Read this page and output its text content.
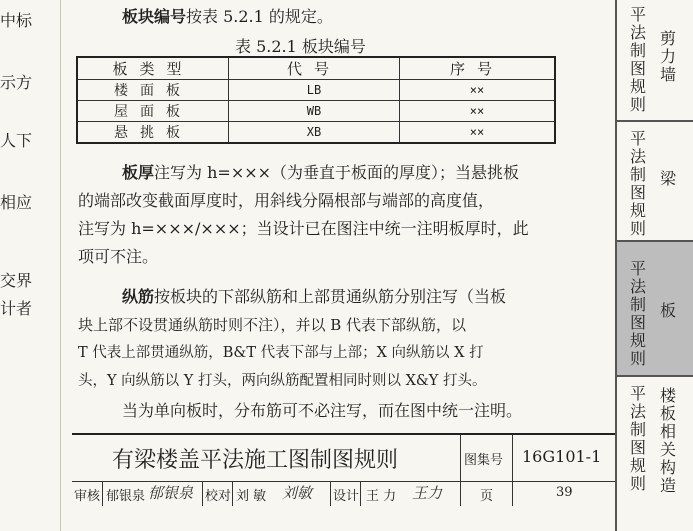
中标
示方
人下
相应
交界
计者
板块编号按表 5.2.1 的规定。
表 5.2.1 板块编号
板类型	代号	序号
楼面板	LB	××
屋面板	WB	××
悬挑板	XB	××
板厚注写为 h=×××（为垂直于板面的厚度）；当悬挑板
的端部改变截面厚度时，用斜线分隔根部与端部的高度值，
注写为 h=×××/×××；当设计已在图注中统一注明板厚时，此
项可不注。
纵筋按板块的下部纵筋和上部贯通纵筋分别注写（当板
块上部不设贯通纵筋时则不注），并以 B 代表下部纵筋，以
T 代表上部贯通纵筋，B&T 代表下部与上部；X 向纵筋以 X 打
头，Y 向纵筋以 Y 打头，两向纵筋配置相同时则以 X&Y 打头。
当为单向板时，分布筋可不必注写，而在图中统一注明。
平法制图规则
剪力墙
平法制图规则
梁
平法制图规则
板
平法制图规则
楼板相关构造
有梁楼盖平法施工图制图规则	图集号 16G101-1
审核 郁银泉 郁银泉 校对 刘 敏 刘敏 设计 王 力 王力	页	39
